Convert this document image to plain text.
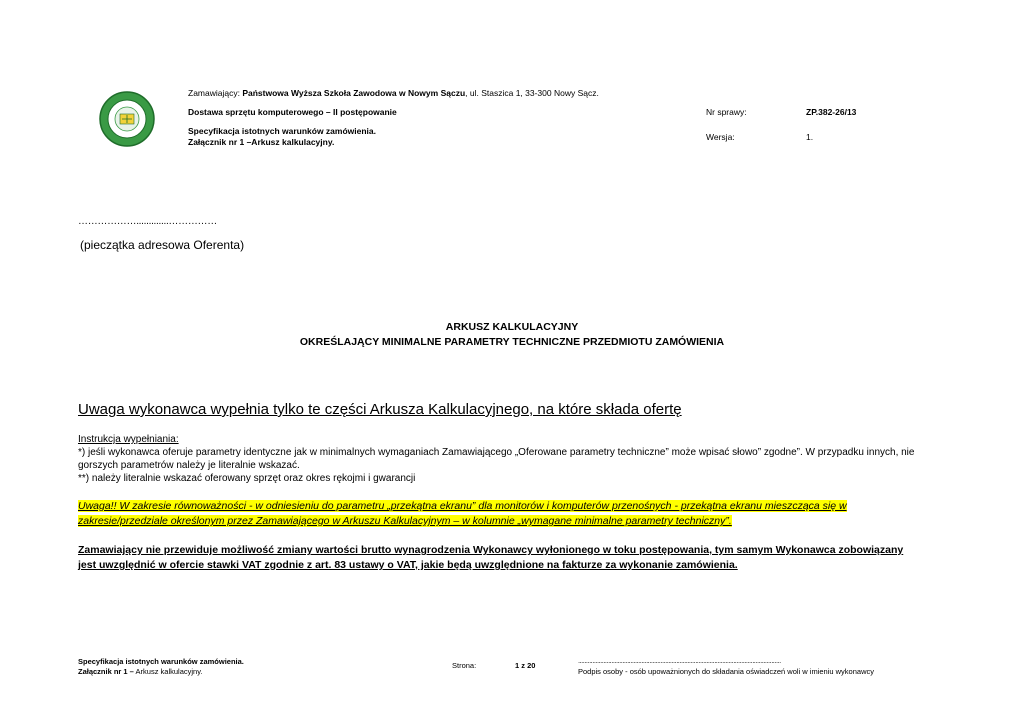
Zamawiający: Państwowa Wyższa Szkoła Zawodowa w Nowym Sączu, ul. Staszica 1, 33-300 Nowy Sącz.
Dostawa sprzętu komputerowego – II postępowanie
Specyfikacja istotnych warunków zamówienia.
Załącznik nr 1 –Arkusz kalkulacyjny.
Nr sprawy:	ZP.382-26/13
Wersja:	1.
……………….............……………
(pieczątka adresowa Oferenta)
ARKUSZ KALKULACYJNY
OKREŚLAJĄCY MINIMALNE PARAMETRY TECHNICZNE PRZEDMIOTU ZAMÓWIENIA
Uwaga wykonawca wypełnia tylko te części Arkusza Kalkulacyjnego, na które składa ofertę
Instrukcja wypełniania:
*) jeśli wykonawca oferuje parametry identyczne jak w minimalnych wymaganiach Zamawiającego „Oferowane parametry techniczne” może wpisać słowo” zgodne”. W przypadku innych, nie
gorszych parametrów należy je literalnie wskazać.
**) należy literalnie wskazać oferowany sprzęt oraz okres rękojmi i gwarancji
Uwaga!! W zakresie równoważności - w odniesieniu do parametru „przekątna ekranu” dla monitorów i komputerów przenośnych - przekątna ekranu mieszcząca się w
zakresie/przedziale określonym przez Zamawiającego w Arkuszu Kalkulacyjnym – w kolumnie „wymagane minimalne parametry techniczny”.
Zamawiający nie przewiduje możliwość zmiany wartości brutto wynagrodzenia Wykonawcy wyłonionego w toku postępowania, tym samym Wykonawca zobowiązany
jest uwzględnić w ofercie stawki VAT zgodnie z art. 83 ustawy o VAT, jakie będą uwzględnione na fakturze za wykonanie zamówienia.
Specyfikacja istotnych warunków zamówienia.
Załącznik nr 1 – Arkusz kalkulacyjny.
Strona:	1 z 20
................................................................................................................................
Podpis osoby - osób upoważnionych do składania oświadczeń woli w imieniu wykonawcy
